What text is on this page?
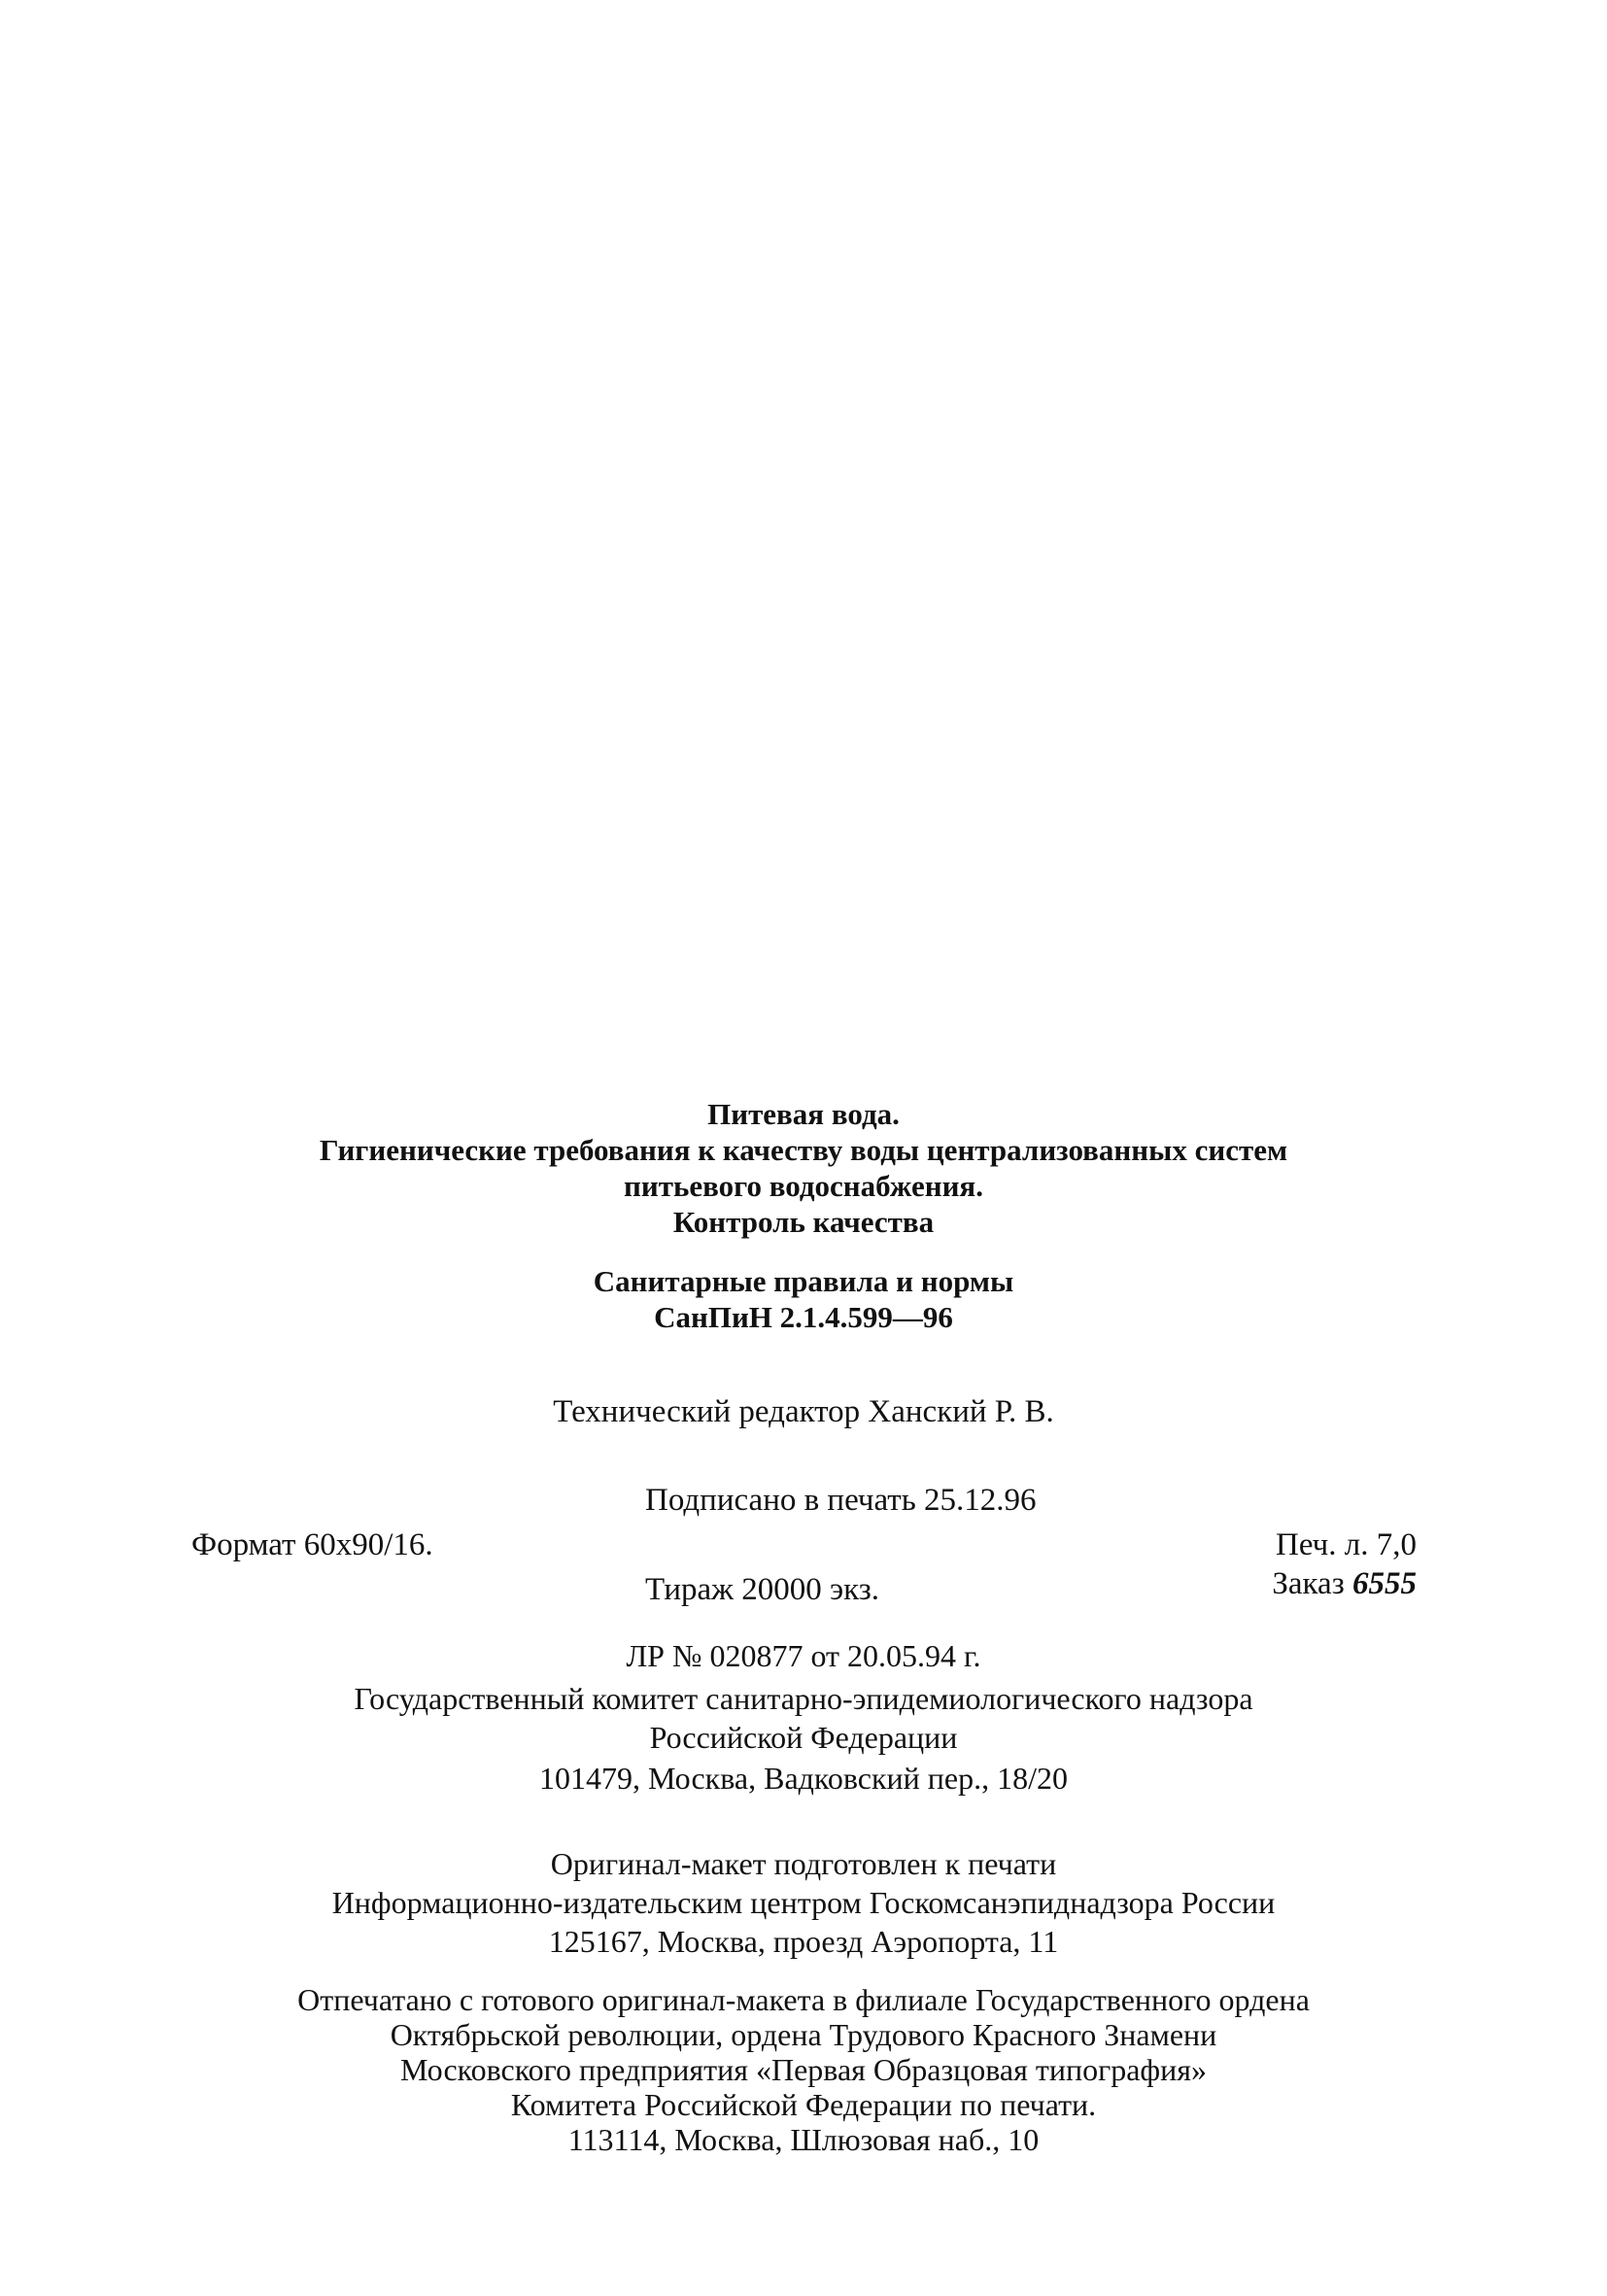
Питевая вода.
Гигиенические требования к качеству воды централизованных систем
питьевого водоснабжения.
Контроль качества
Санитарные правила и нормы
СанПиН 2.1.4.599—96
Технический редактор Ханский Р. В.
Формат 60х90/16.
Подписано в печать 25.12.96
Тираж 20000 экз.
Печ. л. 7,0
Заказ 6555
ЛР № 020877 от 20.05.94 г.
Государственный комитет санитарно-эпидемиологического надзора
Российской Федерации
101479, Москва, Вадковский пер., 18/20
Оригинал-макет подготовлен к печати
Информационно-издательским центром Госкомсанэпиднадзора России
125167, Москва, проезд Аэропорта, 11
Отпечатано с готового оригинал-макета в филиале Государственного ордена
Октябрьской революции, ордена Трудового Красного Знамени
Московского предприятия «Первая Образцовая типография»
Комитета Российской Федерации по печати.
113114, Москва, Шлюзовая наб., 10
